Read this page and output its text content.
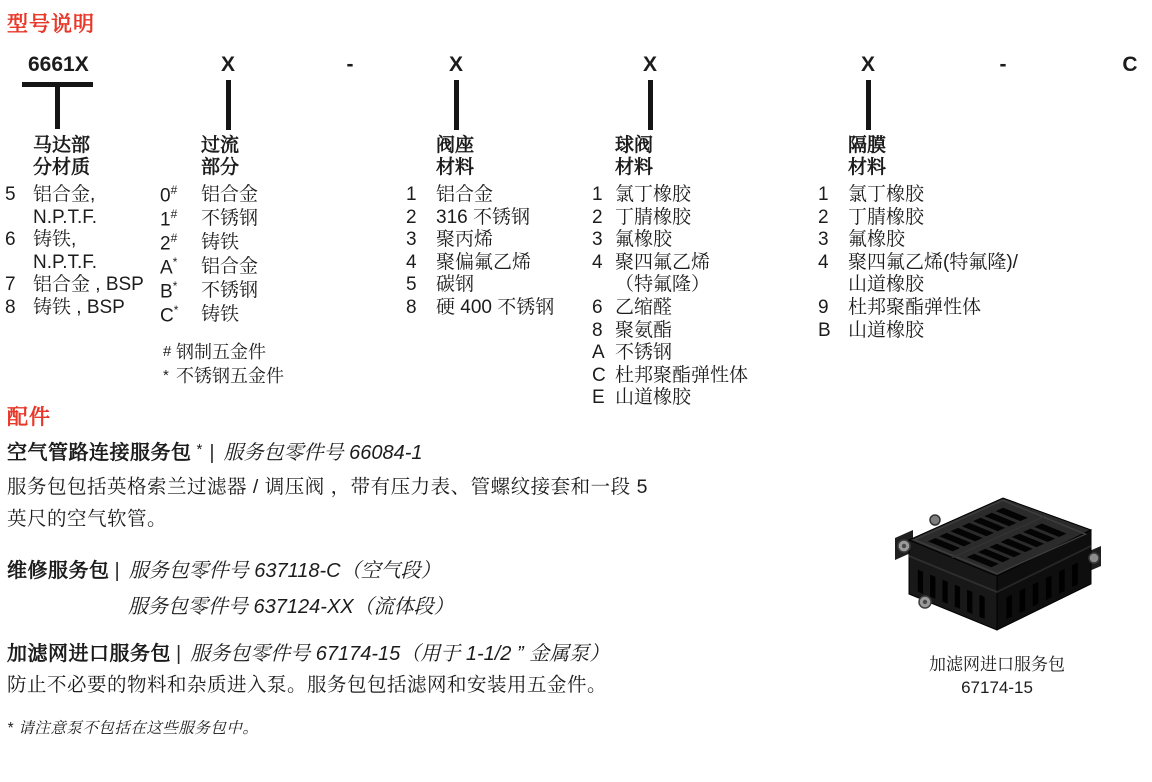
型号说明
6661X	X	-	X	X	X	-	C
马达部
分材质
5 铝合金,
N.P.T.F.
6 铸铁,
N.P.T.F.
7 铝合金 , BSP
8 铸铁 , BSP
过流
部分
0#	铝合金
1#	不锈钢
2#	铸铁
A*	铝合金
B*	不锈钢
C*	铸铁
# 钢制五金件
* 不锈钢五金件
阀座
材料
1	铝合金
2	316 不锈钢
3	聚丙烯
4	聚偏氟乙烯
5	碳钢
8	硬 400 不锈钢
球阀
材料
1 氯丁橡胶
2 丁腈橡胶
3 氟橡胶
4 聚四氟乙烯
（特氟隆）
6 乙缩醛
8 聚氨酯
A 不锈钢
C 杜邦聚酯弹性体
E 山道橡胶
隔膜
材料
1	氯丁橡胶
2	丁腈橡胶
3	氟橡胶
4	聚四氟乙烯(特氟隆)/
山道橡胶
9	杜邦聚酯弹性体
B 山道橡胶
配件
空气管路连接服务包 * | 服务包零件号 66084-1
服务包包括英格索兰过滤器 / 调压阀 ，带有压力表、管螺纹接套和一段 5
英尺的空气软管。
维修服务包 | 服务包零件号 637118-C（空气段）
服务包零件号 637124-XX（流体段）
加滤网进口服务包 | 服务包零件号 67174-15（用于 1-1/2 ” 金属泵）
防止不必要的物料和杂质进入泵。服务包包括滤网和安装用五金件。
* 请注意泵不包括在这些服务包中。
加滤网进口服务包
67174-15
